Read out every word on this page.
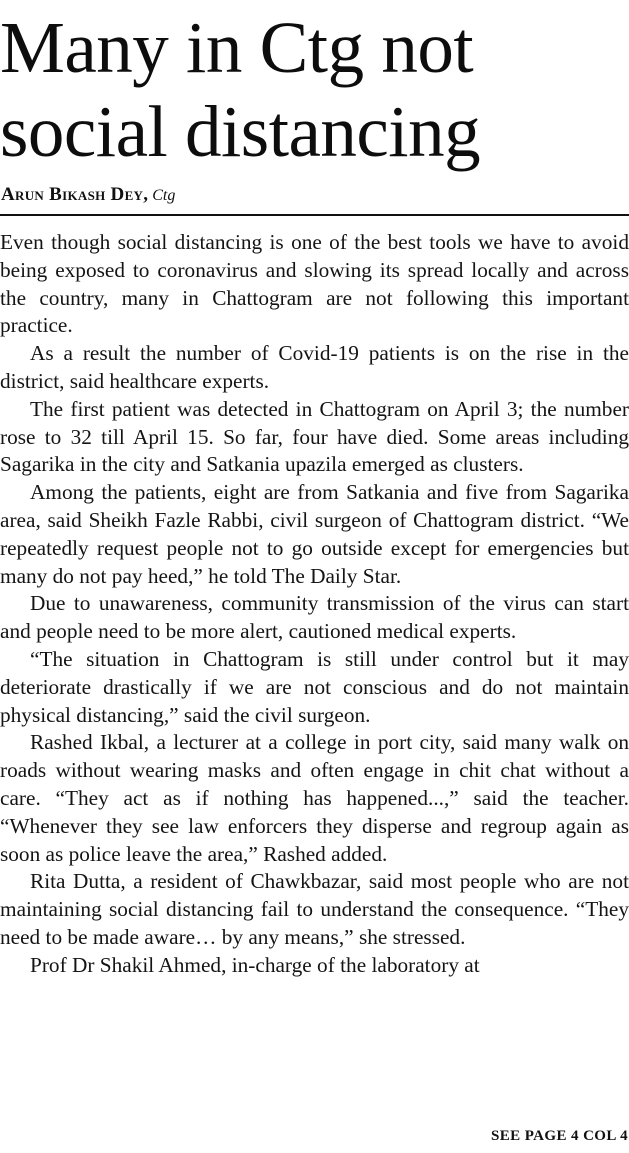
Many in Ctg not
social distancing
Arun Bikash Dey, Ctg

Even though social distancing is one of the best tools we have to avoid being exposed to coronavirus and slowing its spread locally and across the country, many in Chattogram are not following this important practice.

As a result the number of Covid-19 patients is on the rise in the district, said healthcare experts.

The first patient was detected in Chattogram on April 3; the number rose to 32 till April 15. So far, four have died. Some areas including Sagarika in the city and Satkania upazila emerged as clusters.

Among the patients, eight are from Satkania and five from Sagarika area, said Sheikh Fazle Rabbi, civil surgeon of Chattogram district. “We repeatedly request people not to go outside except for emergencies but many do not pay heed,” he told The Daily Star.

Due to unawareness, community transmission of the virus can start and people need to be more alert, cautioned medical experts.

“The situation in Chattogram is still under control but it may deteriorate drastically if we are not conscious and do not maintain physical distancing,” said the civil surgeon.

Rashed Ikbal, a lecturer at a college in port city, said many walk on roads without wearing masks and often engage in chit chat without a care. “They act as if nothing has happened...,” said the teacher. “Whenever they see law enforcers they disperse and regroup again as soon as police leave the area,” Rashed added.

Rita Dutta, a resident of Chawkbazar, said most people who are not maintaining social distancing fail to understand the consequence. “They need to be made aware… by any means,” she stressed.

Prof Dr Shakil Ahmed, in-charge of the laboratory at

SEE PAGE 4 COL 4
